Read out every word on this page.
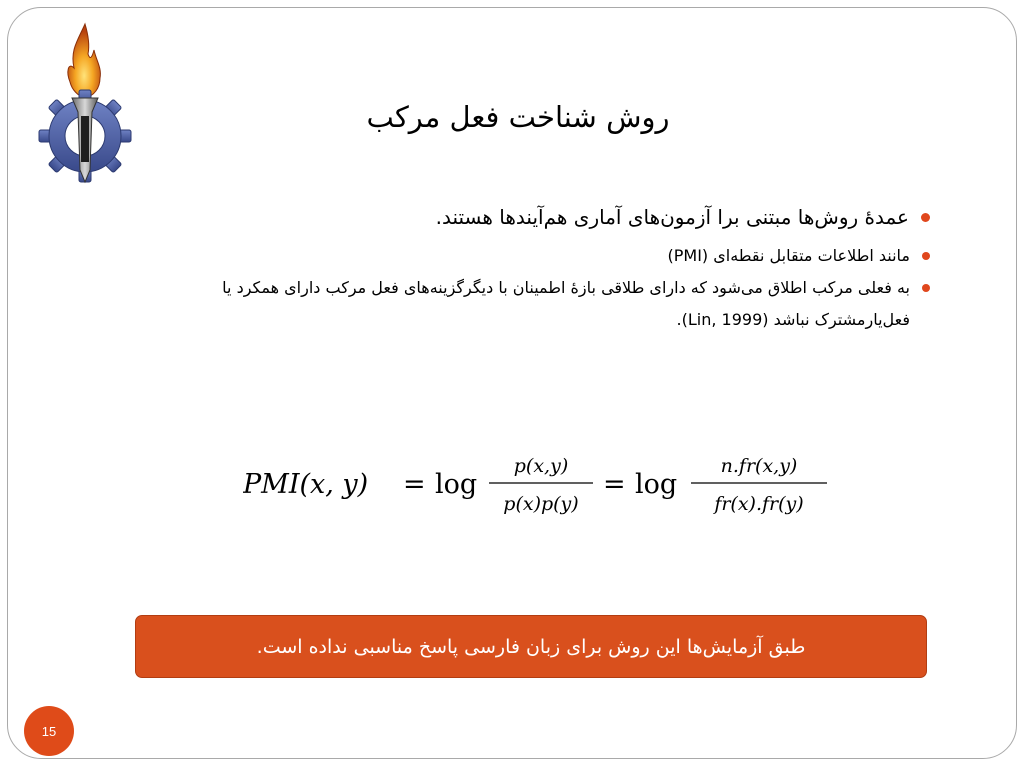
روش شناخت فعل مرکب
عمدهٔ روش‌ها مبتنی برا آزمون‌های آماری هم‌آیندها هستند.
مانند اطلاعات متقابل نقطه‌ای (PMI)
به فعلی مرکب اطلاق می‌شود که دارای طلاقی بازهٔ اطمینان با دیگرگزینه‌های فعل مرکب دارای همکرد یا فعل‌یارمشترک نباشد (Lin, 1999).
PMI(x, y) = log
p(x,y)
p(x)p(y)
= log
n.fr(x,y)
fr(x).fr(y)
طبق آزمایش‌ها این روش برای زبان فارسی پاسخ مناسبی نداده است.
15
